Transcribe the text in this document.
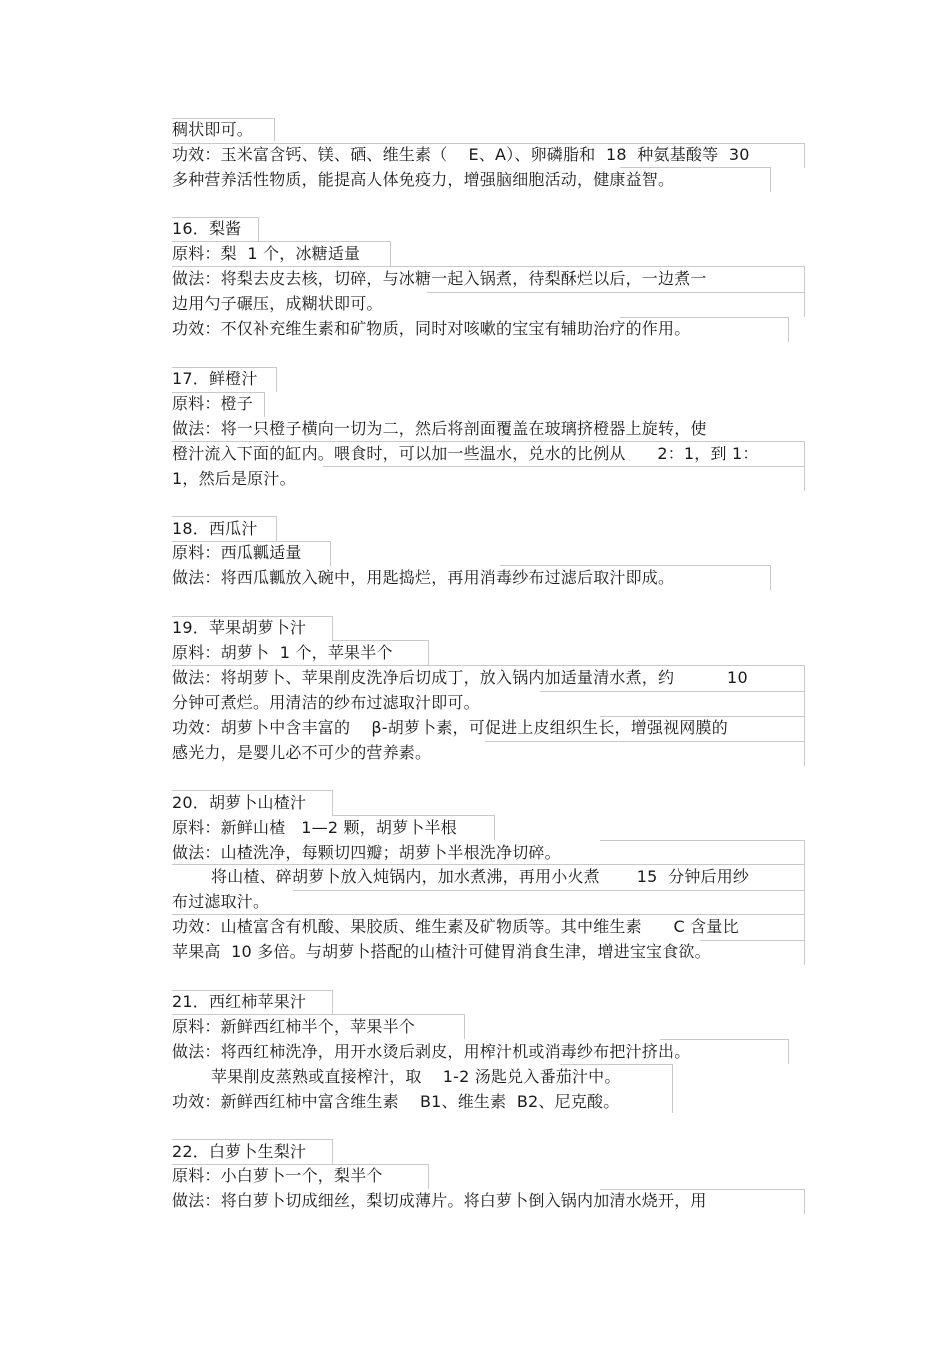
稠状即可。
功效：玉米富含钙、镁、硒、维生素（    E、A）、卵磷脂和  18  种氨基酸等  30
多种营养活性物质，能提高人体免疫力，增强脑细胞活动，健康益智。
16．梨酱
原料：梨  1 个，冰糖适量
做法：将梨去皮去核，切碎，与冰糖一起入锅煮，待梨酥烂以后，一边煮一
边用勺子碾压，成糊状即可。
功效：不仅补充维生素和矿物质，同时对咳嗽的宝宝有辅助治疗的作用。
17．鲜橙汁
原料：橙子
做法：将一只橙子横向一切为二，然后将剖面覆盖在玻璃挤橙器上旋转，使
橙汁流入下面的缸内。喂食时，可以加一些温水，兑水的比例从      2：1，到 1：
1，然后是原汁。
18．西瓜汁
原料：西瓜瓤适量
做法：将西瓜瓤放入碗中，用匙捣烂，再用消毒纱布过滤后取汁即成。
19．苹果胡萝卜汁
原料：胡萝卜  1 个，苹果半个
做法：将胡萝卜、苹果削皮洗净后切成丁，放入锅内加适量清水煮，约          10
分钟可煮烂。用清洁的纱布过滤取汁即可。
功效：胡萝卜中含丰富的    β-胡萝卜素，可促进上皮组织生长，增强视网膜的
感光力，是婴儿必不可少的营养素。
20．胡萝卜山楂汁
原料：新鲜山楂   1—2 颗，胡萝卜半根
做法：山楂洗净，每颗切四瓣；胡萝卜半根洗净切碎。
将山楂、碎胡萝卜放入炖锅内，加水煮沸，再用小火煮       15  分钟后用纱
布过滤取汁。
功效：山楂富含有机酸、果胶质、维生素及矿物质等。其中维生素      C 含量比
苹果高  10 多倍。与胡萝卜搭配的山楂汁可健胃消食生津，增进宝宝食欲。
21．西红柿苹果汁
原料：新鲜西红柿半个，苹果半个
做法：将西红柿洗净，用开水烫后剥皮，用榨汁机或消毒纱布把汁挤出。
苹果削皮蒸熟或直接榨汁，取    1-2 汤匙兑入番茄汁中。
功效：新鲜西红柿中富含维生素    B1、维生素  B2、尼克酸。
22．白萝卜生梨汁
原料：小白萝卜一个，梨半个
做法：将白萝卜切成细丝，梨切成薄片。将白萝卜倒入锅内加清水烧开，用
